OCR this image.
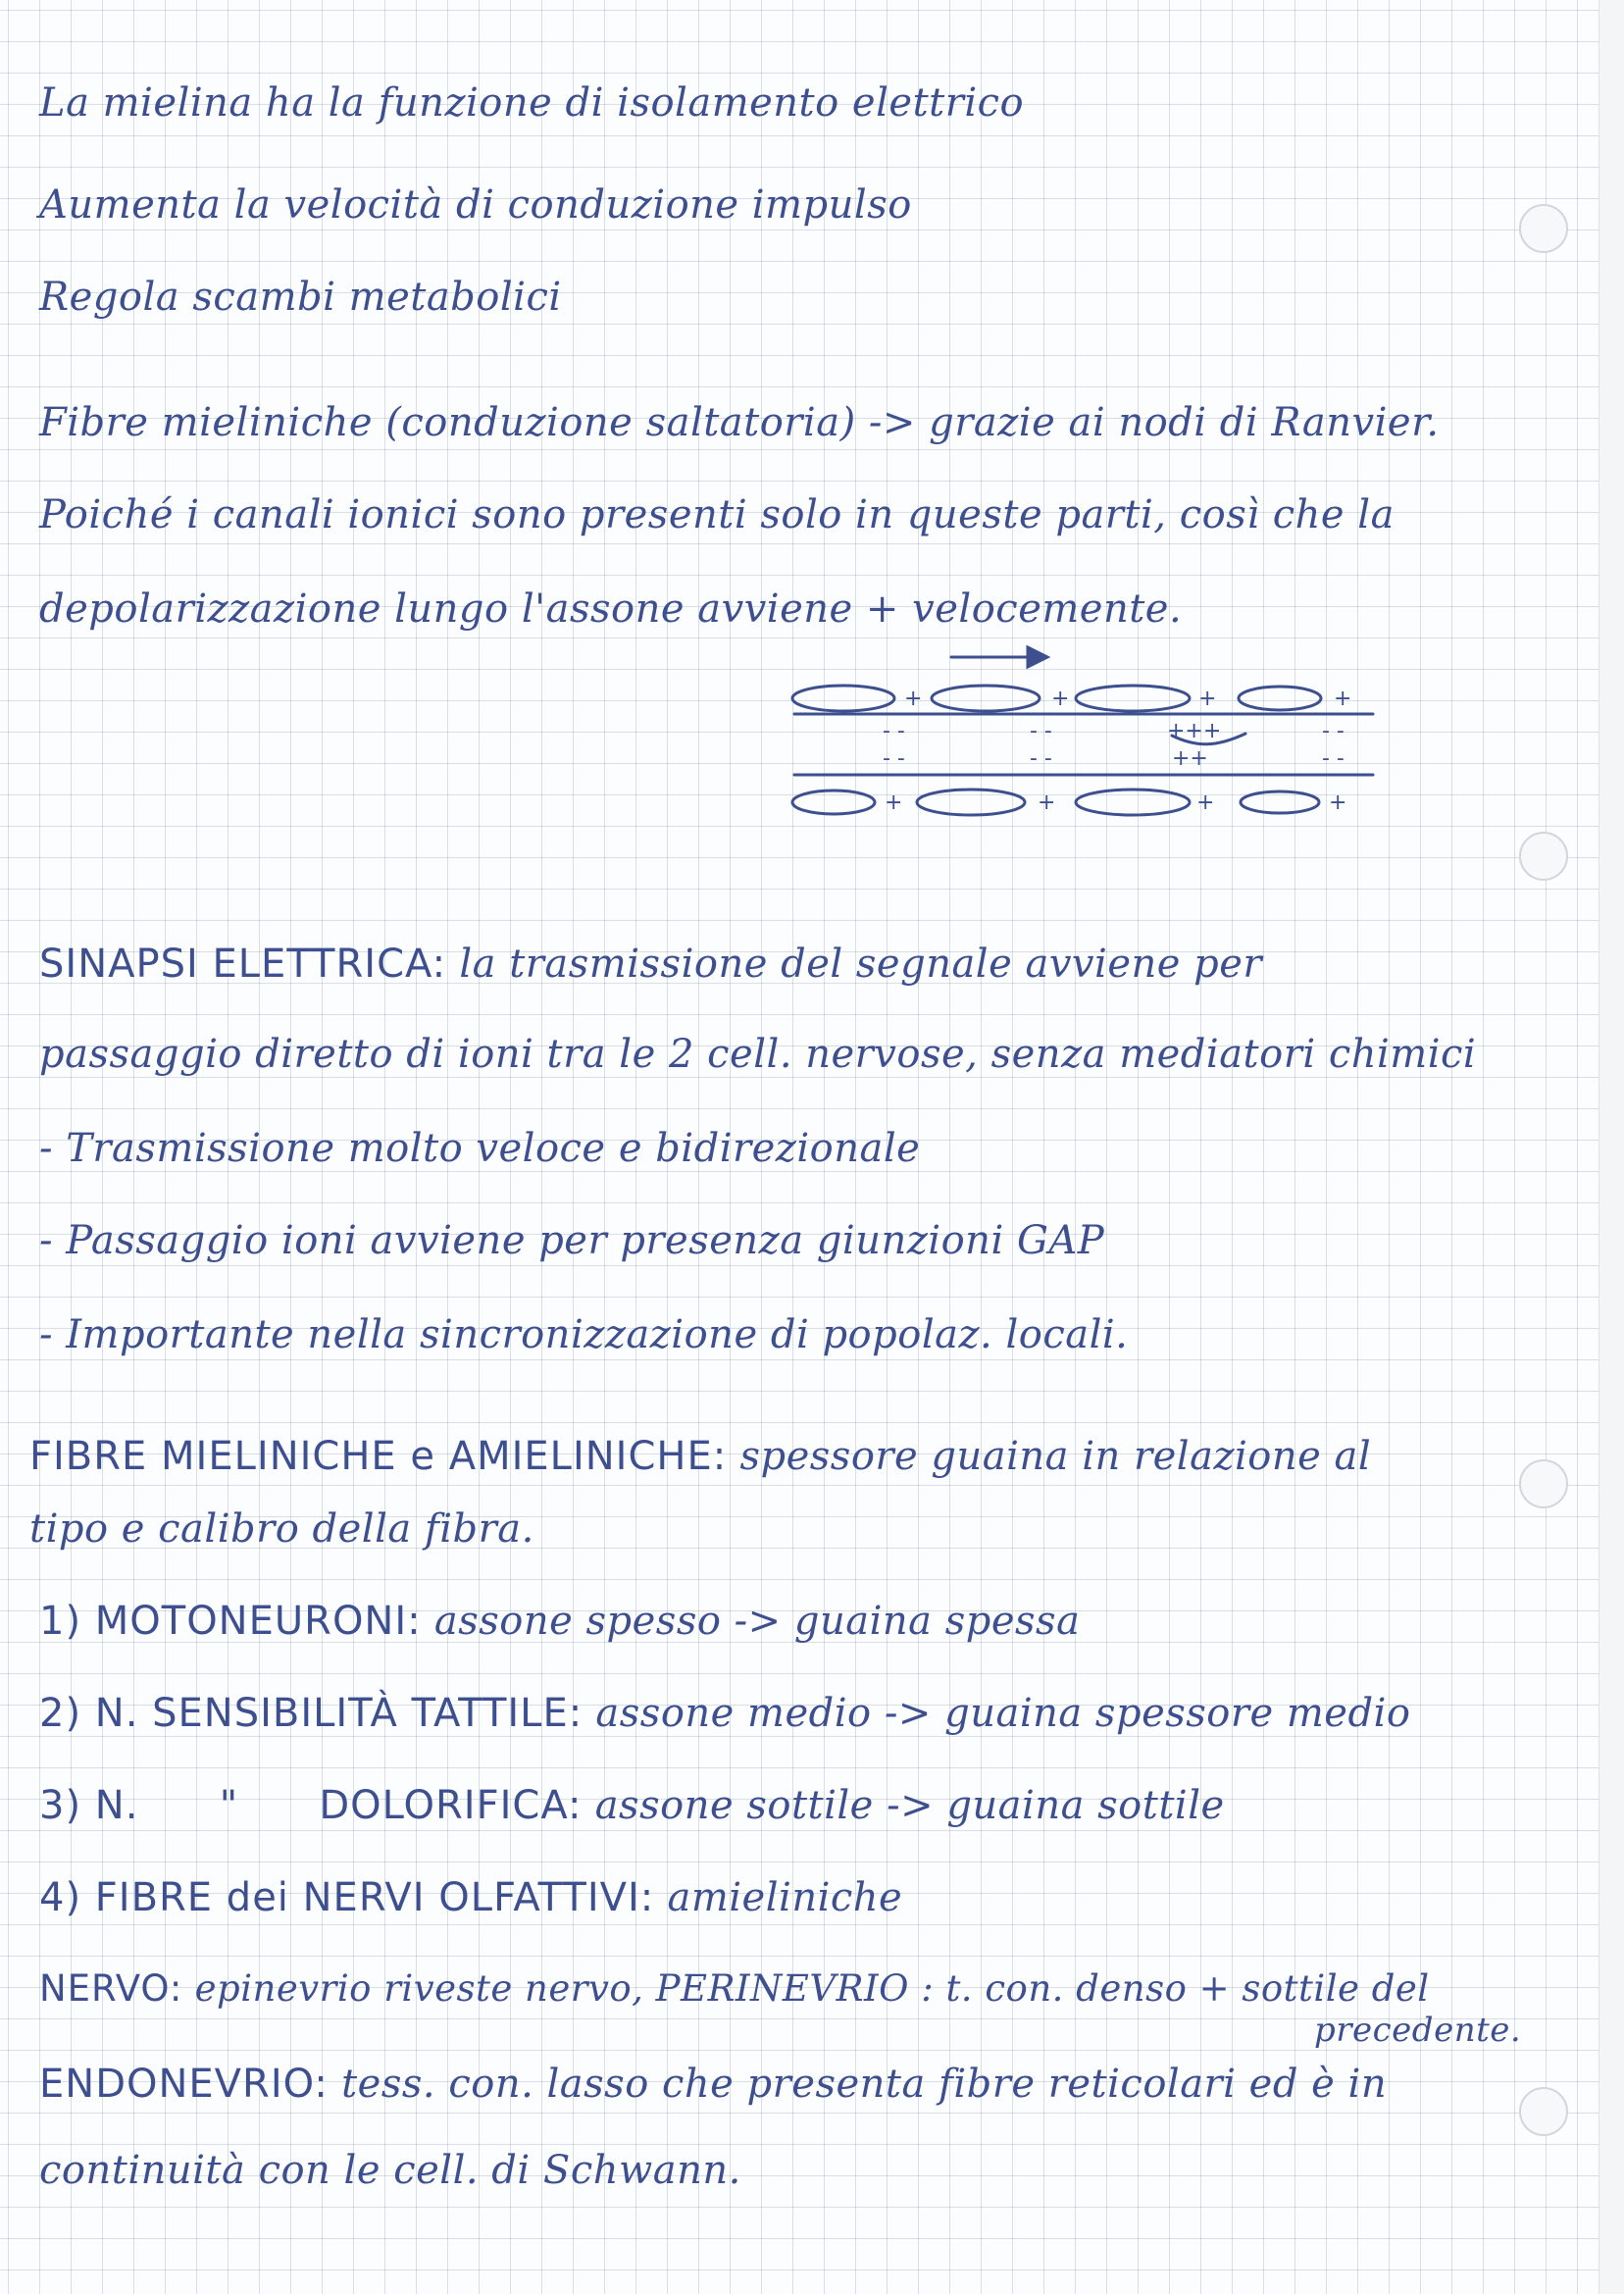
La mielina ha la funzione di isolamento elettrico

Aumenta la velocità di conduzione impulso

Regola scambi metabolici

Fibre mieliniche (conduzione saltatoria) -> grazie ai nodi di Ranvier.

Poiché i canali ionici sono presenti solo in queste parti, così che la

depolarizzazione lungo l'assone avviene + velocemente.

+	+	+	+
- -	- -	+++	- -
- -	- -	++	- -
+	+	+	+

SINAPSI ELETTRICA: la trasmissione del segnale avviene per

passaggio diretto di ioni tra le 2 cell. nervose, senza mediatori chimici

- Trasmissione molto veloce e bidirezionale

- Passaggio ioni avviene per presenza giunzioni GAP

- Importante nella sincronizzazione di popolaz. locali.

FIBRE MIELINICHE e AMIELINICHE: spessore guaina in relazione al

tipo e calibro della fibra.

1) MOTONEURONI: assone spesso -> guaina spessa

2) N. SENSIBILITÀ TATTILE: assone medio -> guaina spessore medio

3) N.      "      DOLORIFICA: assone sottile -> guaina sottile

4) FIBRE dei NERVI OLFATTIVI: amieliniche

NERVO: epinevrio riveste nervo, PERINEVRIO : t. con. denso + sottile del

precedente.

ENDONEVRIO: tess. con. lasso che presenta fibre reticolari ed è in

continuità con le cell. di Schwann.
